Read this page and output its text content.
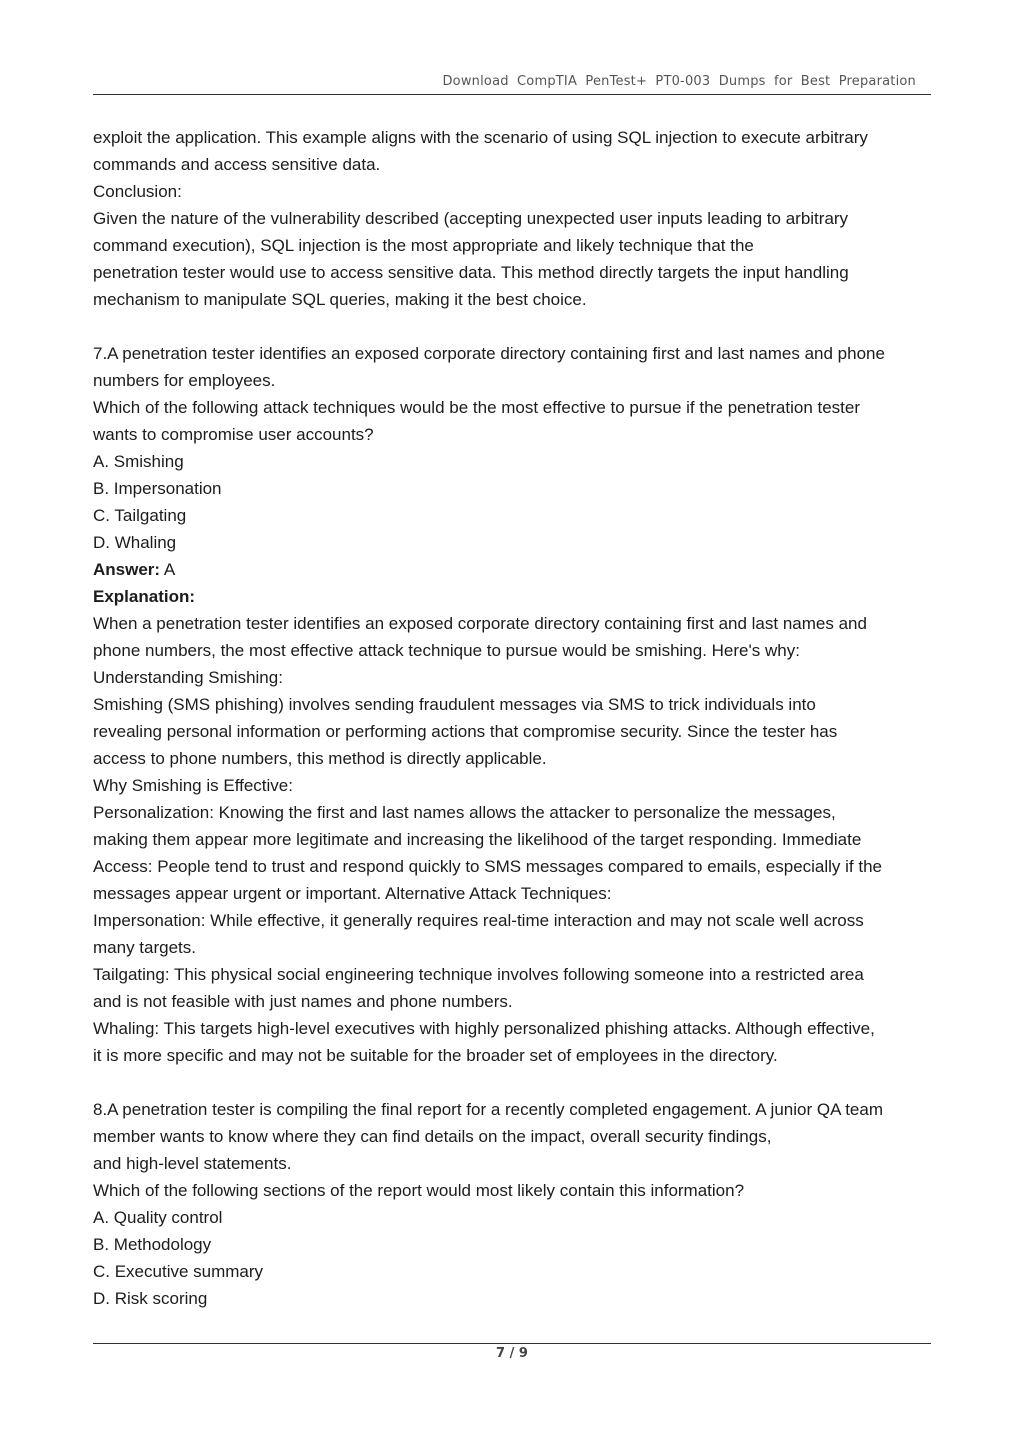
Download CompTIA PenTest+ PT0-003 Dumps for Best Preparation
exploit the application. This example aligns with the scenario of using SQL injection to execute arbitrary
commands and access sensitive data.
Conclusion:
Given the nature of the vulnerability described (accepting unexpected user inputs leading to arbitrary
command execution), SQL injection is the most appropriate and likely technique that the
penetration tester would use to access sensitive data. This method directly targets the input handling
mechanism to manipulate SQL queries, making it the best choice.
7.A penetration tester identifies an exposed corporate directory containing first and last names and phone
numbers for employees.
Which of the following attack techniques would be the most effective to pursue if the penetration tester
wants to compromise user accounts?
A. Smishing
B. Impersonation
C. Tailgating
D. Whaling
Answer: A
Explanation:
When a penetration tester identifies an exposed corporate directory containing first and last names and
phone numbers, the most effective attack technique to pursue would be smishing. Here's why:
Understanding Smishing:
Smishing (SMS phishing) involves sending fraudulent messages via SMS to trick individuals into
revealing personal information or performing actions that compromise security. Since the tester has
access to phone numbers, this method is directly applicable.
Why Smishing is Effective:
Personalization: Knowing the first and last names allows the attacker to personalize the messages,
making them appear more legitimate and increasing the likelihood of the target responding. Immediate
Access: People tend to trust and respond quickly to SMS messages compared to emails, especially if the
messages appear urgent or important. Alternative Attack Techniques:
Impersonation: While effective, it generally requires real-time interaction and may not scale well across
many targets.
Tailgating: This physical social engineering technique involves following someone into a restricted area
and is not feasible with just names and phone numbers.
Whaling: This targets high-level executives with highly personalized phishing attacks. Although effective,
it is more specific and may not be suitable for the broader set of employees in the directory.
8.A penetration tester is compiling the final report for a recently completed engagement. A junior QA team
member wants to know where they can find details on the impact, overall security findings,
and high-level statements.
Which of the following sections of the report would most likely contain this information?
A. Quality control
B. Methodology
C. Executive summary
D. Risk scoring
7 / 9
